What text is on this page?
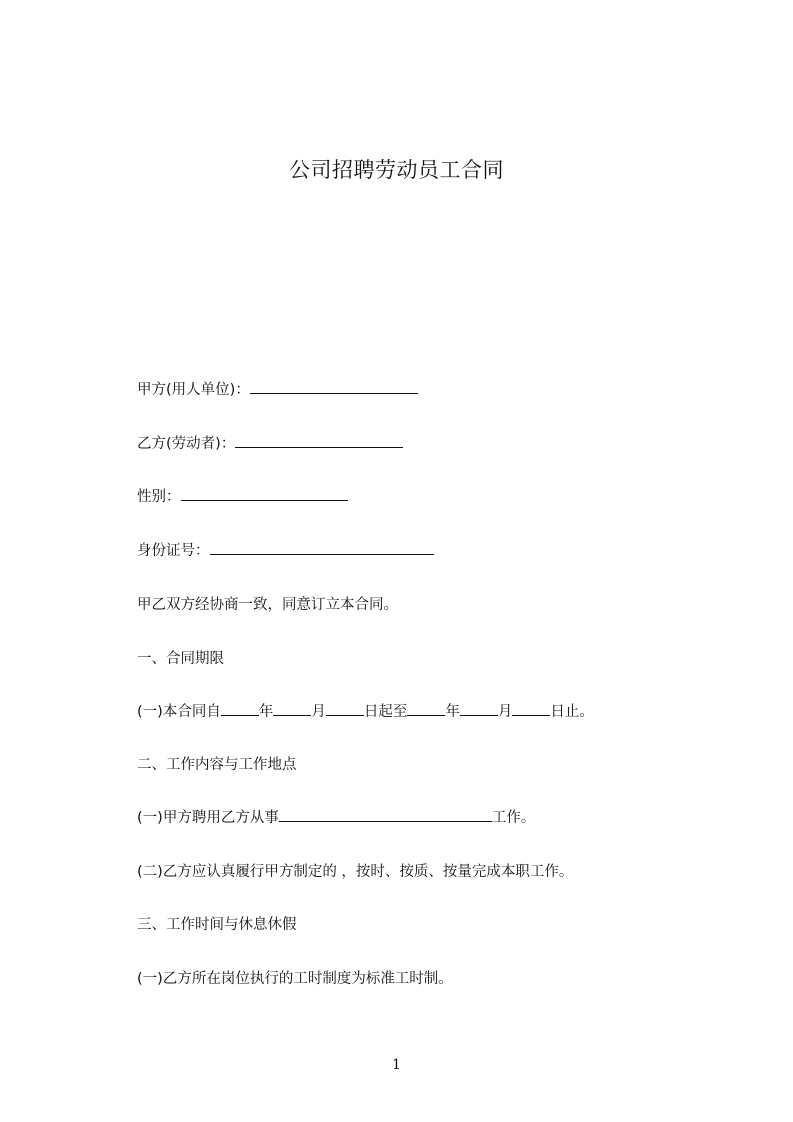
公司招聘劳动员工合同
甲方(用人单位)：
乙方(劳动者)：
性别：
身份证号：
甲乙双方经协商一致，同意订立本合同。
一、合同期限
(一)本合同自	年	月	日起至	年	月	日止。
二、工作内容与工作地点
(一)甲方聘用乙方从事	工作。
(二)乙方应认真履行甲方制定的 ，按时、按质、按量完成本职工作。
三、工作时间与休息休假
(一)乙方所在岗位执行的工时制度为标准工时制。
1
